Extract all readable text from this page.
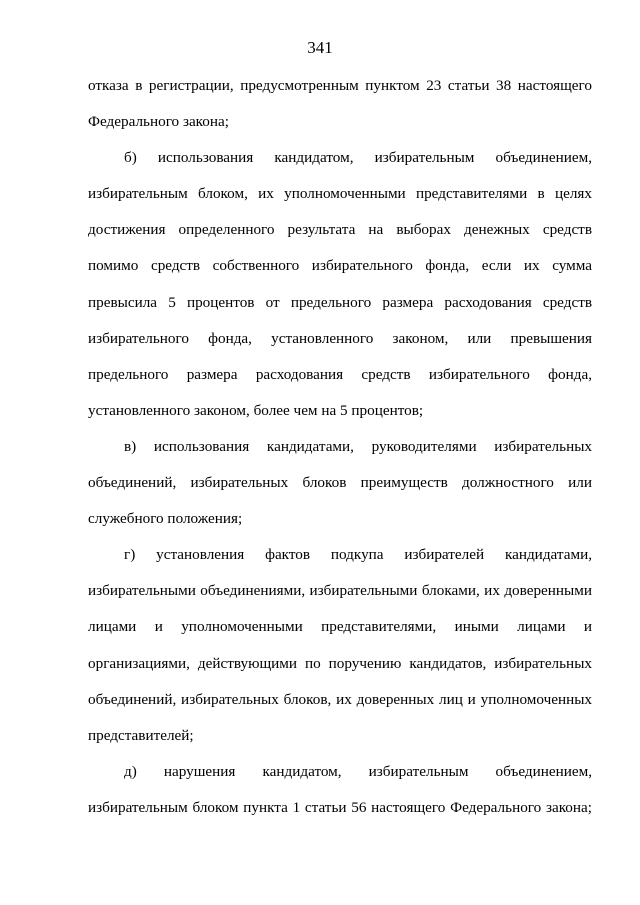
341
отказа в регистрации, предусмотренным пунктом 23 статьи 38 настоящего
Федерального закона;
б) использования кандидатом, избирательным объединением,
избирательным блоком, их уполномоченными представителями в целях
достижения определенного результата на выборах денежных средств
помимо средств собственного избирательного фонда, если их сумма
превысила 5 процентов от предельного размера расходования средств
избирательного фонда, установленного законом, или превышения
предельного размера расходования средств избирательного фонда,
установленного законом, более чем на 5 процентов;
в) использования кандидатами, руководителями избирательных
объединений, избирательных блоков преимуществ должностного или
служебного положения;
г) установления фактов подкупа избирателей кандидатами,
избирательными объединениями, избирательными блоками, их доверенными
лицами и уполномоченными представителями, иными лицами и
организациями, действующими по поручению кандидатов, избирательных
объединений, избирательных блоков, их доверенных лиц и уполномоченных
представителей;
д) нарушения кандидатом, избирательным объединением,
избирательным блоком пункта 1 статьи 56 настоящего Федерального закона;
